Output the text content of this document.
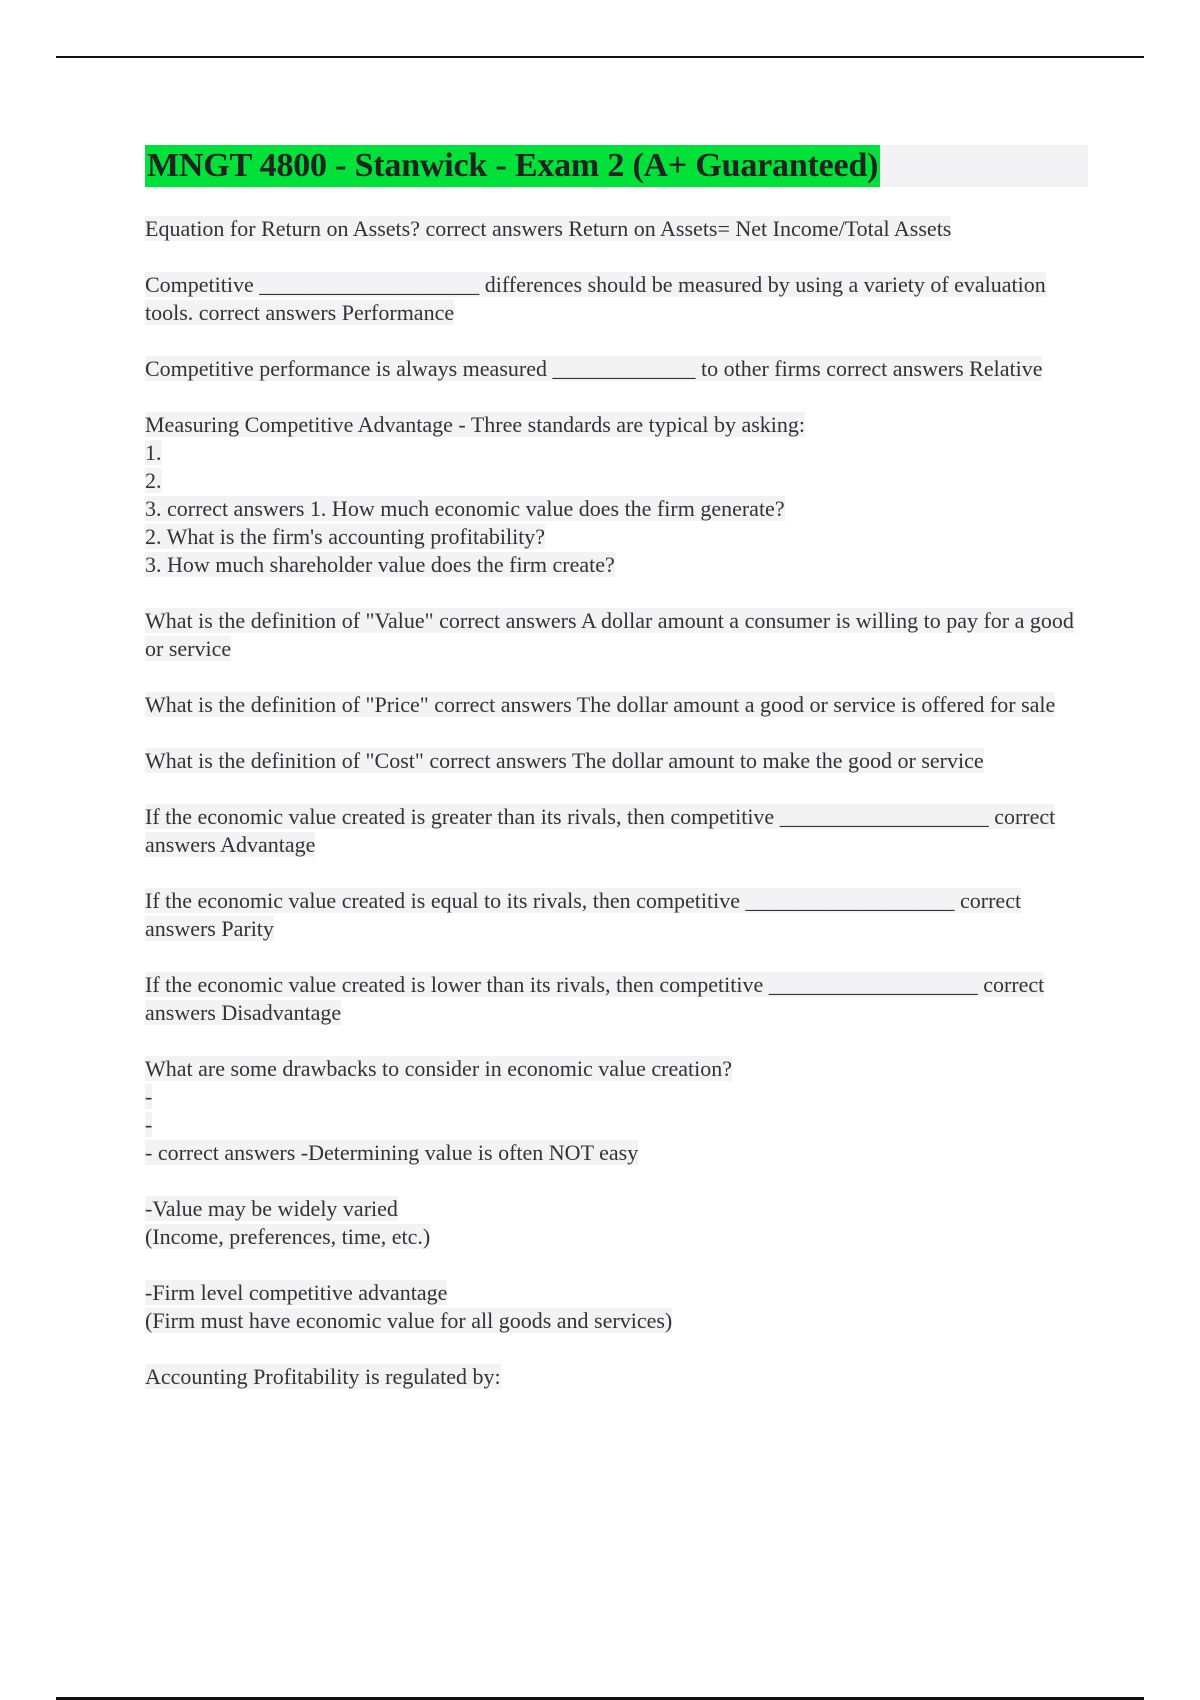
MNGT 4800 - Stanwick - Exam 2 (A+ Guaranteed)

Equation for Return on Assets? correct answers Return on Assets= Net Income/Total Assets

Competitive ____________________ differences should be measured by using a variety of evaluation tools. correct answers Performance

Competitive performance is always measured _____________ to other firms correct answers Relative

Measuring Competitive Advantage - Three standards are typical by asking:

1.

2.

3. correct answers 1. How much economic value does the firm generate?

2. What is the firm's accounting profitability?

3. How much shareholder value does the firm create?

What is the definition of "Value" correct answers A dollar amount a consumer is willing to pay for a good or service

What is the definition of "Price" correct answers The dollar amount a good or service is offered for sale

What is the definition of "Cost" correct answers The dollar amount to make the good or service

If the economic value created is greater than its rivals, then competitive ___________________ correct answers Advantage

If the economic value created is equal to its rivals, then competitive ___________________ correct answers Parity

If the economic value created is lower than its rivals, then competitive ___________________ correct answers Disadvantage

What are some drawbacks to consider in economic value creation?

-

-

- correct answers -Determining value is often NOT easy

-Value may be widely varied

(Income, preferences, time, etc.)

-Firm level competitive advantage

(Firm must have economic value for all goods and services)

Accounting Profitability is regulated by:
